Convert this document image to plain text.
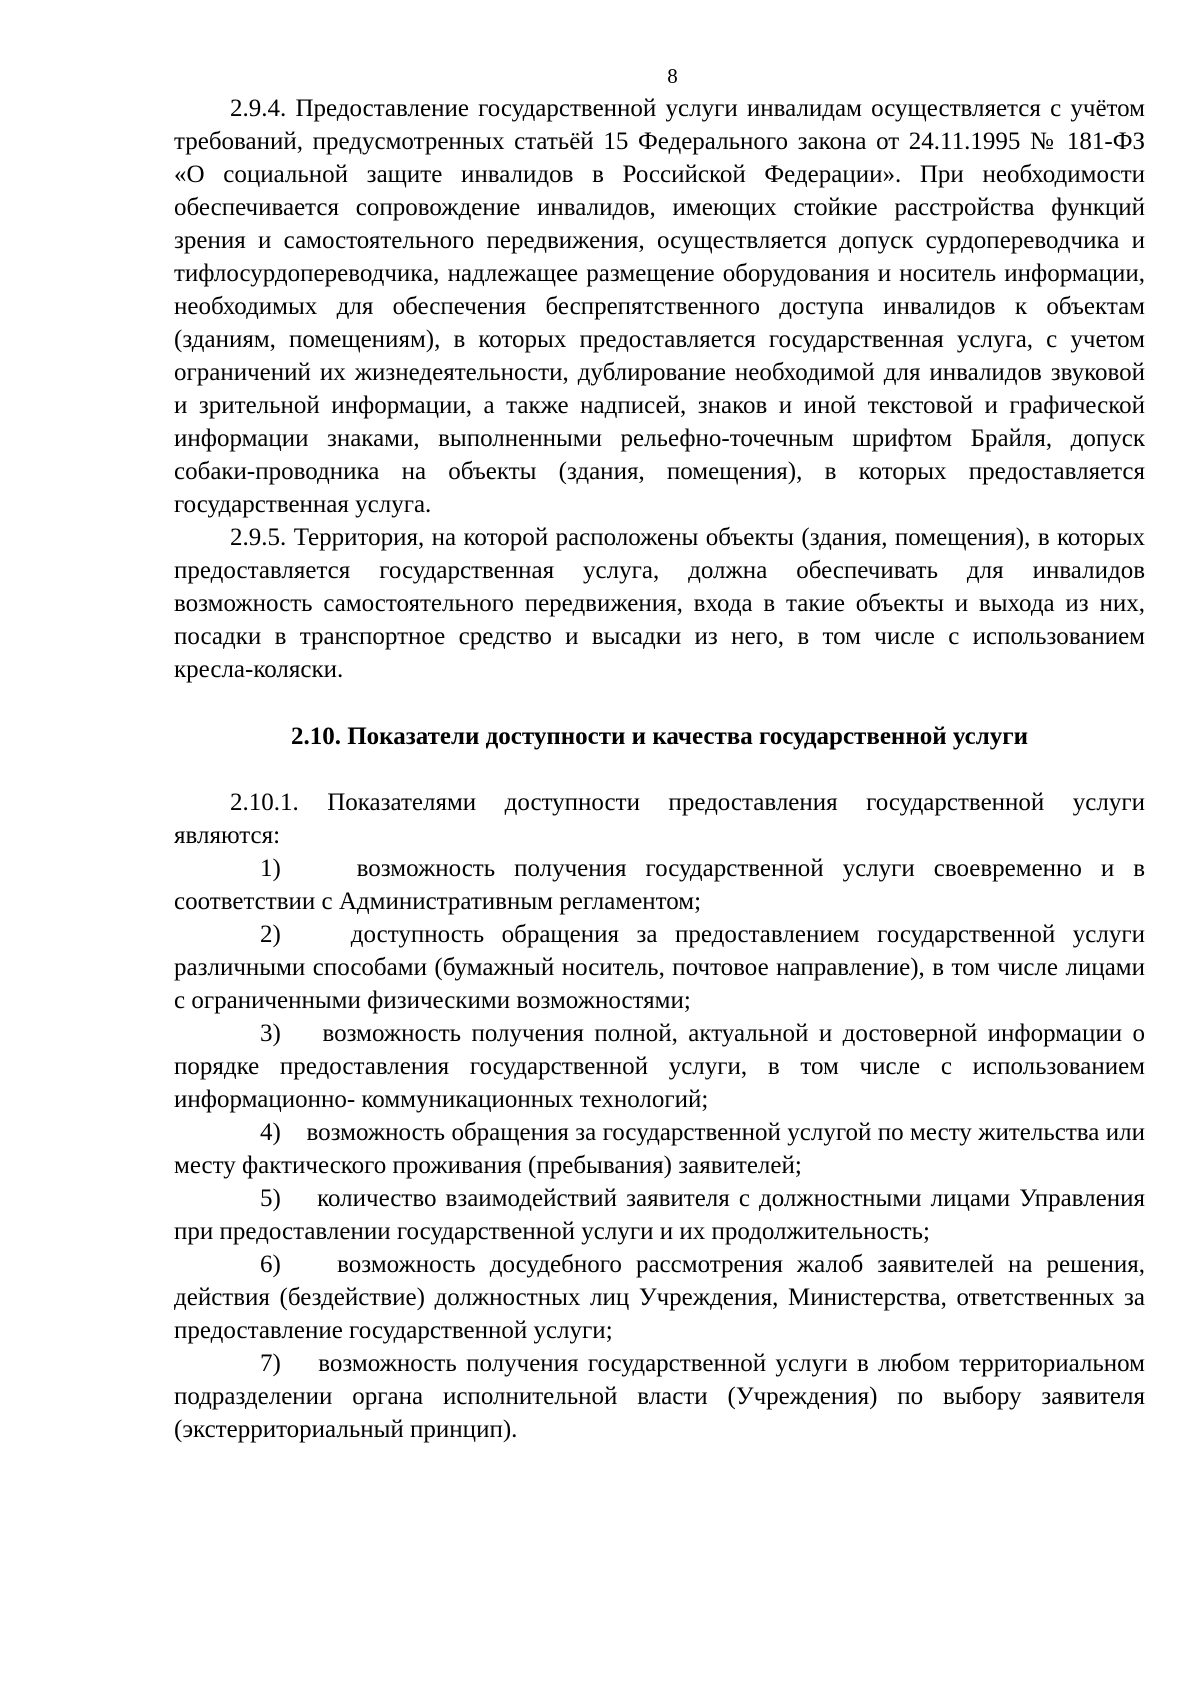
8

2.9.4. Предоставление государственной услуги инвалидам осуществляется с учётом требований, предусмотренных статьёй 15 Федерального закона от 24.11.1995 № 181-ФЗ «О социальной защите инвалидов в Российской Федерации». При необходимости обеспечивается сопровождение инвалидов, имеющих стойкие расстройства функций зрения и самостоятельного передвижения, осуществляется допуск сурдопереводчика и тифлосурдопереводчика, надлежащее размещение оборудования и носитель информации, необходимых для обеспечения беспрепятственного доступа инвалидов к объектам (зданиям, помещениям), в которых предоставляется государственная услуга, с учетом ограничений их жизнедеятельности, дублирование необходимой для инвалидов звуковой и зрительной информации, а также надписей, знаков и иной текстовой и графической информации знаками, выполненными рельефно-точечным шрифтом Брайля, допуск собаки-проводника на объекты (здания, помещения), в которых предоставляется государственная услуга.

2.9.5. Территория, на которой расположены объекты (здания, помещения), в которых предоставляется государственная услуга, должна обеспечивать для инвалидов возможность самостоятельного передвижения, входа в такие объекты и выхода из них, посадки в транспортное средство и высадки из него, в том числе с использованием кресла-коляски.

2.10. Показатели доступности и качества государственной услуги

2.10.1. Показателями доступности предоставления государственной услуги являются:

1)    возможность получения государственной услуги своевременно и в соответствии с Административным регламентом;

2)    доступность обращения за предоставлением государственной услуги различными способами (бумажный носитель, почтовое направление), в том числе лицами с ограниченными физическими возможностями;

3)    возможность получения полной, актуальной и достоверной информации о порядке предоставления государственной услуги, в том числе с использованием информационно- коммуникационных технологий;

4)    возможность обращения за государственной услугой по месту жительства или месту фактического проживания (пребывания) заявителей;

5)    количество взаимодействий заявителя с должностными лицами Управления при предоставлении государственной услуги и их продолжительность;

6)    возможность досудебного рассмотрения жалоб заявителей на решения, действия (бездействие) должностных лиц Учреждения, Министерства, ответственных за предоставление государственной услуги;

7)    возможность получения государственной услуги в любом территориальном подразделении органа исполнительной власти (Учреждения) по выбору заявителя (экстерриториальный принцип).
